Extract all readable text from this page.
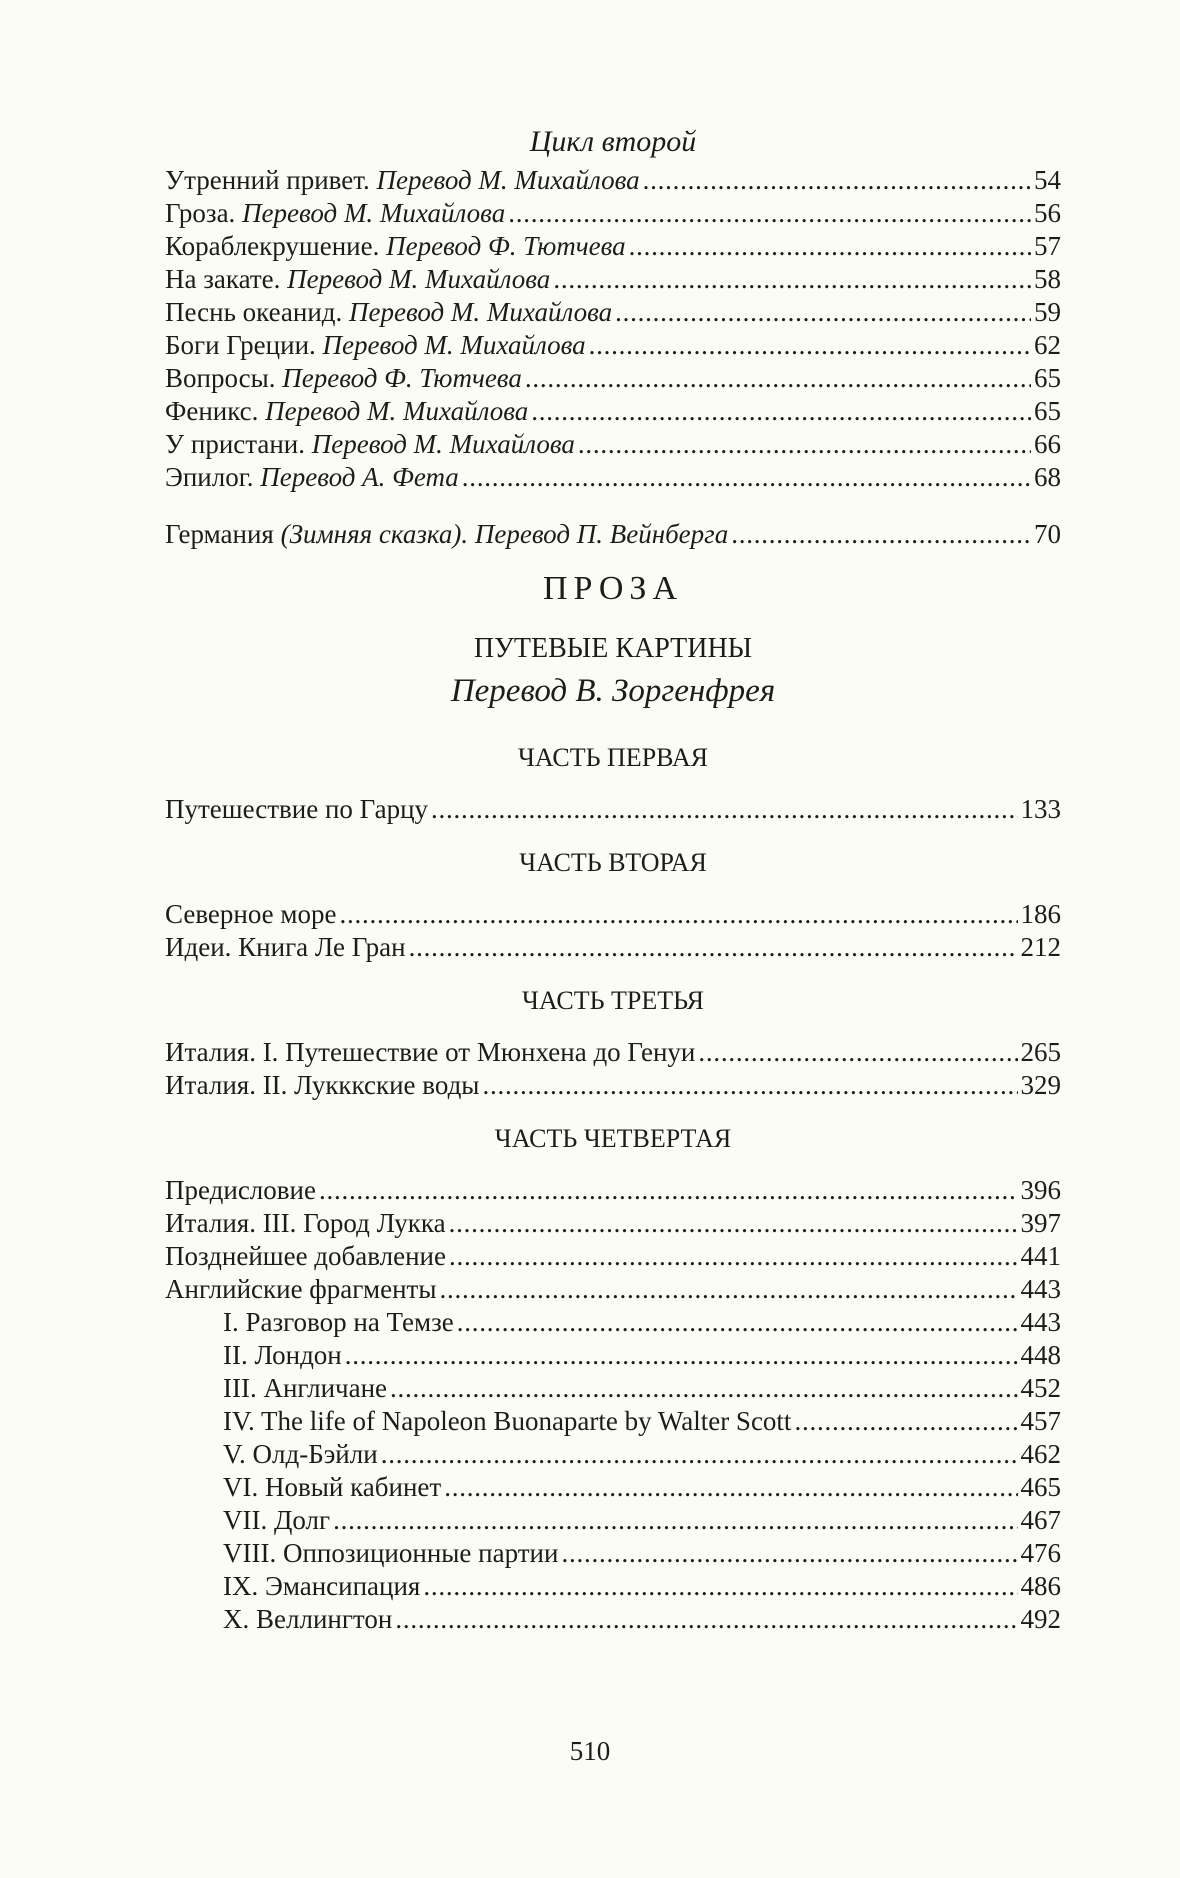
Цикл второй
Утренний привет. Перевод М. Михайлова . . .	54
Гроза. Перевод М. Михайлова . . .	56
Кораблекрушение. Перевод Ф. Тютчева . . .	57
На закате. Перевод М. Михайлова . . .	58
Песнь океанид. Перевод М. Михайлова . . .	59
Боги Греции. Перевод М. Михайлова . . .	62
Вопросы. Перевод Ф. Тютчева . . .	65
Феникс. Перевод М. Михайлова . . .	65
У пристани. Перевод М. Михайлова . . .	66
Эпилог. Перевод А. Фета . . .	68
Германия (Зимняя сказка). Перевод П. Вейнберга . . .	70
ПРОЗА
ПУТЕВЫЕ КАРТИНЫ
Перевод В. Зоргенфрея
ЧАСТЬ ПЕРВАЯ
Путешествие по Гарцу . . .	133
ЧАСТЬ ВТОРАЯ
Северное море . . .	186
Идеи. Книга Ле Гран . . .	212
ЧАСТЬ ТРЕТЬЯ
Италия. I. Путешествие от Мюнхена до Генуи . . .	265
Италия. II. Лукккские воды . . .	329
ЧАСТЬ ЧЕТВЕРТАЯ
Предисловие . . .	396
Италия. III. Город Лукка . . .	397
Позднейшее добавление . . .	441
Английские фрагменты . . .	443
I. Разговор на Темзе . . .	443
II. Лондон . . .	448
III. Англичане . . .	452
IV. The life of Napoleon Buonaparte by Walter Scott . . .	457
V. Олд-Бэйли . . .	462
VI. Новый кабинет . . .	465
VII. Долг . . .	467
VIII. Оппозиционные партии . . .	476
IX. Эмансипация . . .	486
X. Веллингтон . . .	492
510
